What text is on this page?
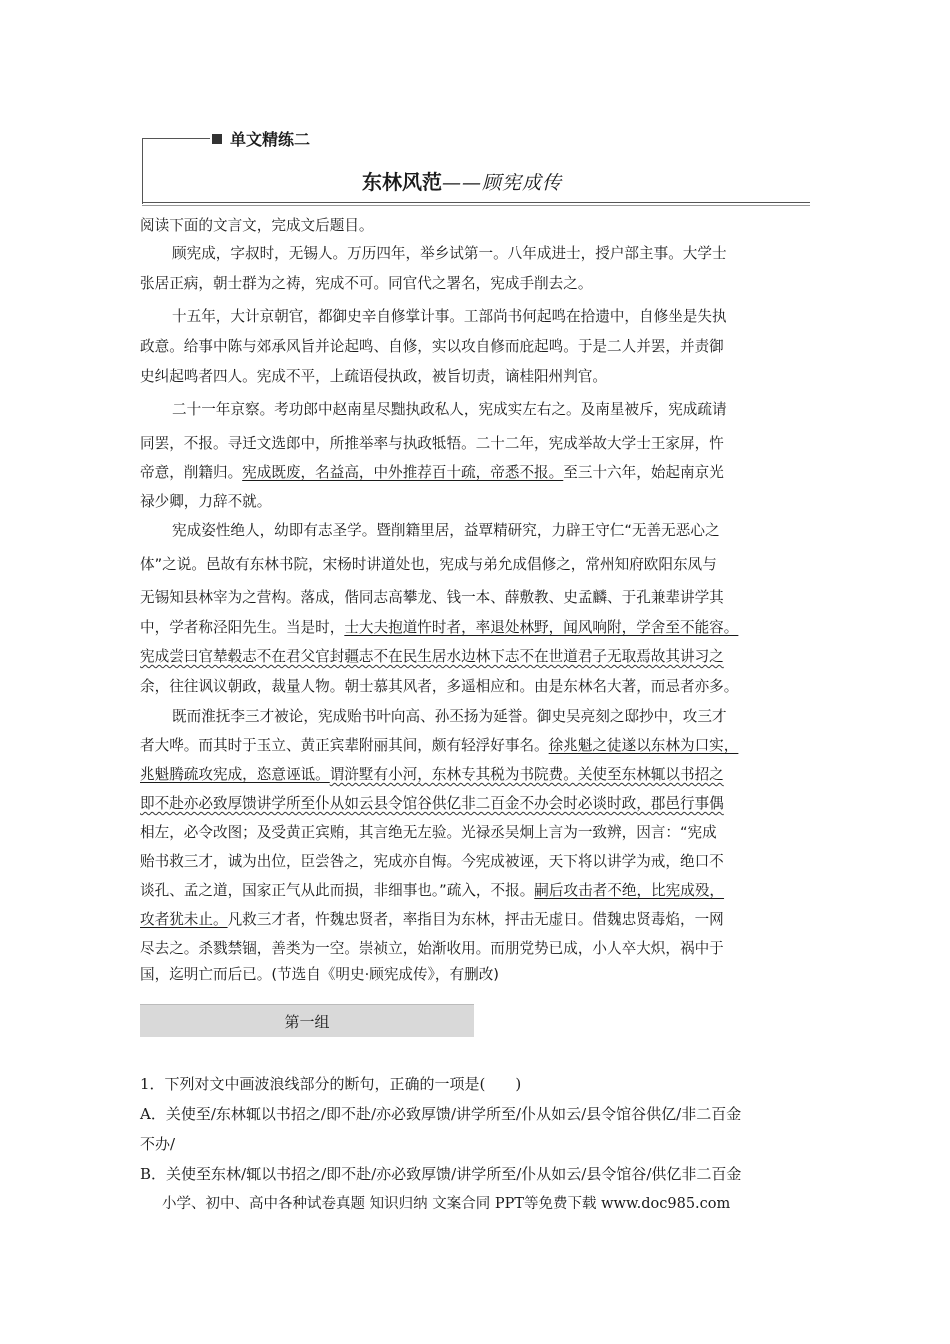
单文精练二
东林风范——顾宪成传
阅读下面的文言文，完成文后题目。
顾宪成，字叔时，无锡人。万历四年，举乡试第一。八年成进士，授户部主事。大学士
张居正病，朝士群为之祷，宪成不可。同官代之署名，宪成手削去之。
十五年，大计京朝官，都御史辛自修掌计事。工部尚书何起鸣在拾遗中，自修坐是失执
政意。给事中陈与郊承风旨并论起鸣、自修，实以攻自修而庇起鸣。于是二人并罢，并责御
史纠起鸣者四人。宪成不平，上疏语侵执政，被旨切责，谪桂阳州判官。
二十一年京察。考功郎中赵南星尽黜执政私人，宪成实左右之。及南星被斥，宪成疏请
同罢，不报。寻迁文选郎中，所推举率与执政牴牾。二十二年，宪成举故大学士王家屏，忤
帝意，削籍归。宪成既废，名益高，中外推荐百十疏，帝悉不报。至三十六年，始起南京光
禄少卿，力辞不就。
宪成姿性绝人，幼即有志圣学。暨削籍里居，益覃精研究，力辟王守仁“无善无恶心之
体”之说。邑故有东林书院，宋杨时讲道处也，宪成与弟允成倡修之，常州知府欧阳东凤与
无锡知县林宰为之营构。落成，偕同志高攀龙、钱一本、薛敷教、史孟麟、于孔兼辈讲学其
中，学者称泾阳先生。当是时，士大夫抱道忤时者，率退处林野，闻风响附，学舍至不能容。
宪成尝曰官辇毂志不在君父官封疆志不在民生居水边林下志不在世道君子无取焉故其讲习之
余，往往讽议朝政，裁量人物。朝士慕其风者，多遥相应和。由是东林名大著，而忌者亦多。
既而淮抚李三才被论，宪成贻书叶向高、孙丕扬为延誉。御史吴亮刻之邸抄中，攻三才
者大哗。而其时于玉立、黄正宾辈附丽其间，颇有轻浮好事名。徐兆魁之徒遂以东林为口实，
兆魁腾疏攻宪成，恣意诬诋。谓浒墅有小河，东林专其税为书院费。关使至东林辄以书招之
即不赴亦必致厚馈讲学所至仆从如云县令馆谷供亿非二百金不办会时必谈时政，郡邑行事偶
相左，必令改图；及受黄正宾贿，其言绝无左验。光禄丞吴炯上言为一致辨，因言：“宪成
贻书救三才，诚为出位，臣尝咎之，宪成亦自悔。今宪成被诬，天下将以讲学为戒，绝口不
谈孔、孟之道，国家正气从此而损，非细事也。”疏入，不报。嗣后攻击者不绝，比宪成殁，
攻者犹未止。凡救三才者，忤魏忠贤者，率指目为东林，抨击无虚日。借魏忠贤毒焰，一网
尽去之。杀戮禁锢，善类为一空。崇祯立，始渐收用。而朋党势已成，小人卒大炽，祸中于
国，迄明亡而后已。(节选自《明史·顾宪成传》，有删改)
第一组
1．下列对文中画波浪线部分的断句，正确的一项是(　　)
A．关使至/东林辄以书招之/即不赴/亦必致厚馈/讲学所至/仆从如云/县令馆谷供亿/非二百金
不办/
B．关使至东林/辄以书招之/即不赴/亦必致厚馈/讲学所至/仆从如云/县令馆谷/供亿非二百金
小学、初中、高中各种试卷真题 知识归纳 文案合同 PPT等免费下载 www.doc985.com
